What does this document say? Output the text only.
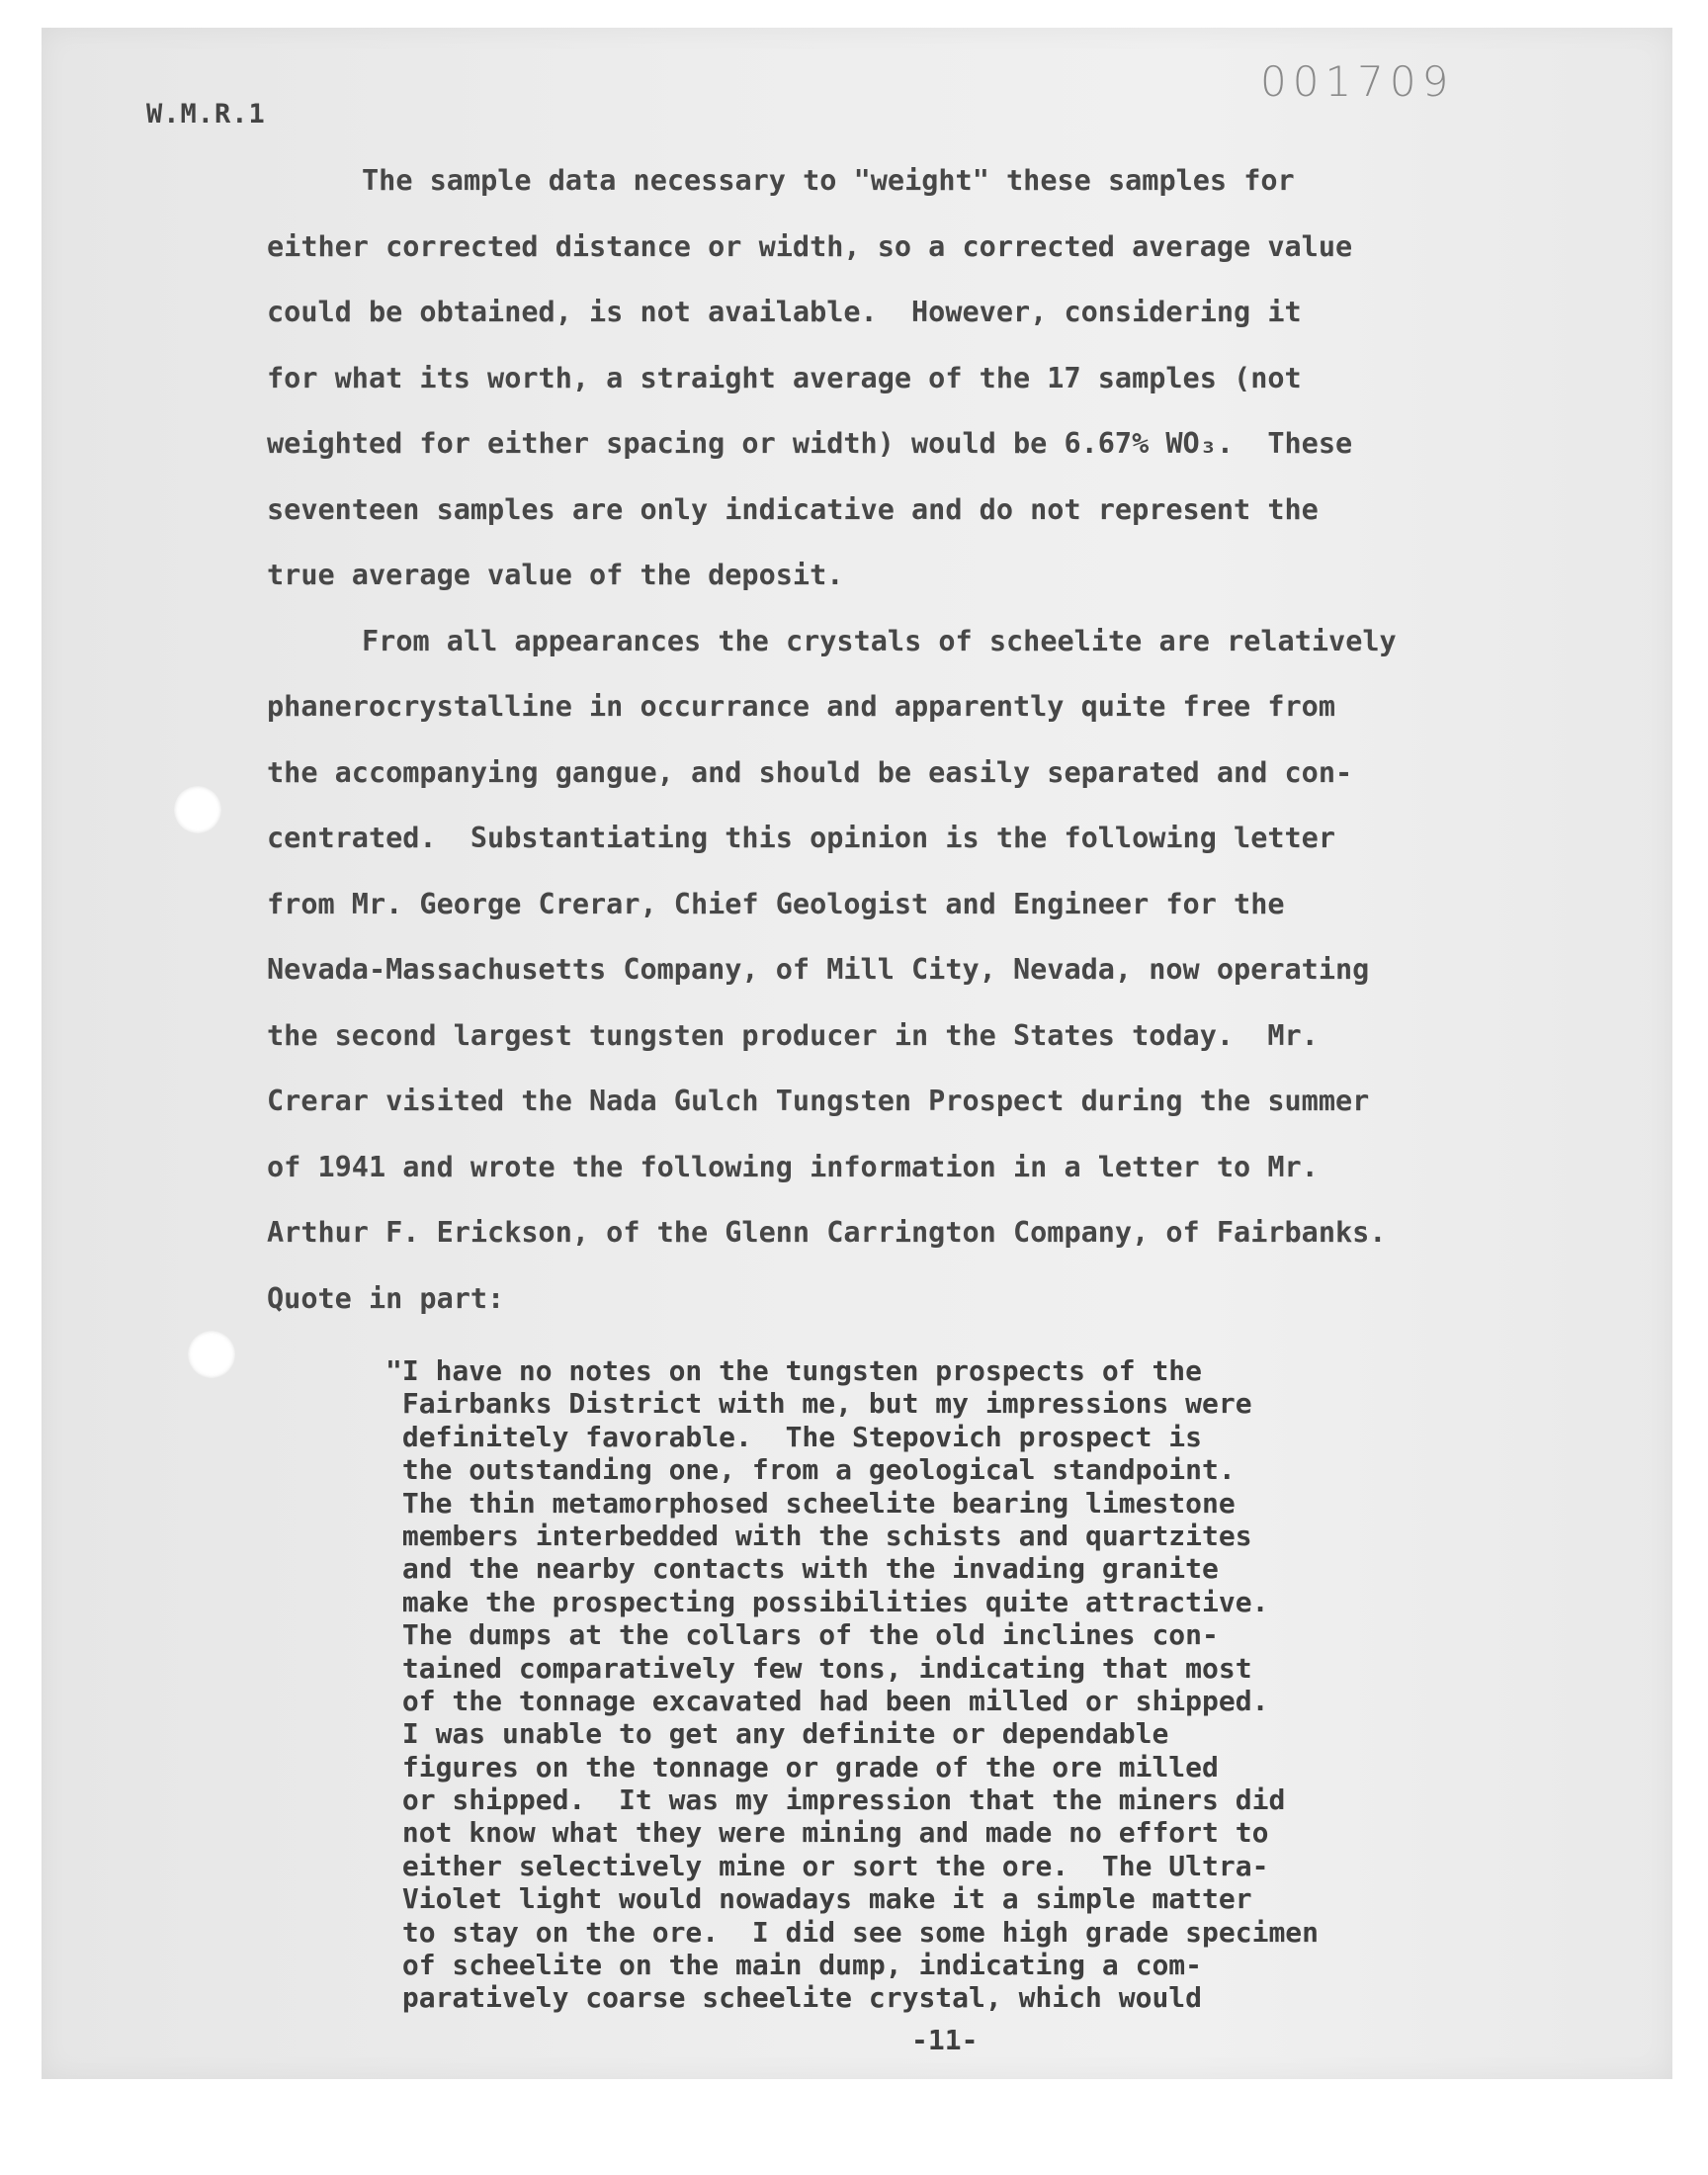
W.M.R.1
001709
The sample data necessary to "weight" these samples for
either corrected distance or width, so a corrected average value
could be obtained, is not available.  However, considering it
for what its worth, a straight average of the 17 samples (not
weighted for either spacing or width) would be 6.67% WO₃.  These
seventeen samples are only indicative and do not represent the
true average value of the deposit.
From all appearances the crystals of scheelite are relatively
phanerocrystalline in occurrance and apparently quite free from
the accompanying gangue, and should be easily separated and con-
centrated.  Substantiating this opinion is the following letter
from Mr. George Crerar, Chief Geologist and Engineer for the
Nevada-Massachusetts Company, of Mill City, Nevada, now operating
the second largest tungsten producer in the States today.  Mr.
Crerar visited the Nada Gulch Tungsten Prospect during the summer
of 1941 and wrote the following information in a letter to Mr.
Arthur F. Erickson, of the Glenn Carrington Company, of Fairbanks.
Quote in part:
"I have no notes on the tungsten prospects of the
Fairbanks District with me, but my impressions were
definitely favorable.  The Stepovich prospect is
the outstanding one, from a geological standpoint.
The thin metamorphosed scheelite bearing limestone
members interbedded with the schists and quartzites
and the nearby contacts with the invading granite
make the prospecting possibilities quite attractive.
The dumps at the collars of the old inclines con-
tained comparatively few tons, indicating that most
of the tonnage excavated had been milled or shipped.
I was unable to get any definite or dependable
figures on the tonnage or grade of the ore milled
or shipped.  It was my impression that the miners did
not know what they were mining and made no effort to
either selectively mine or sort the ore.  The Ultra-
Violet light would nowadays make it a simple matter
to stay on the ore.  I did see some high grade specimen
of scheelite on the main dump, indicating a com-
paratively coarse scheelite crystal, which would
-11-
